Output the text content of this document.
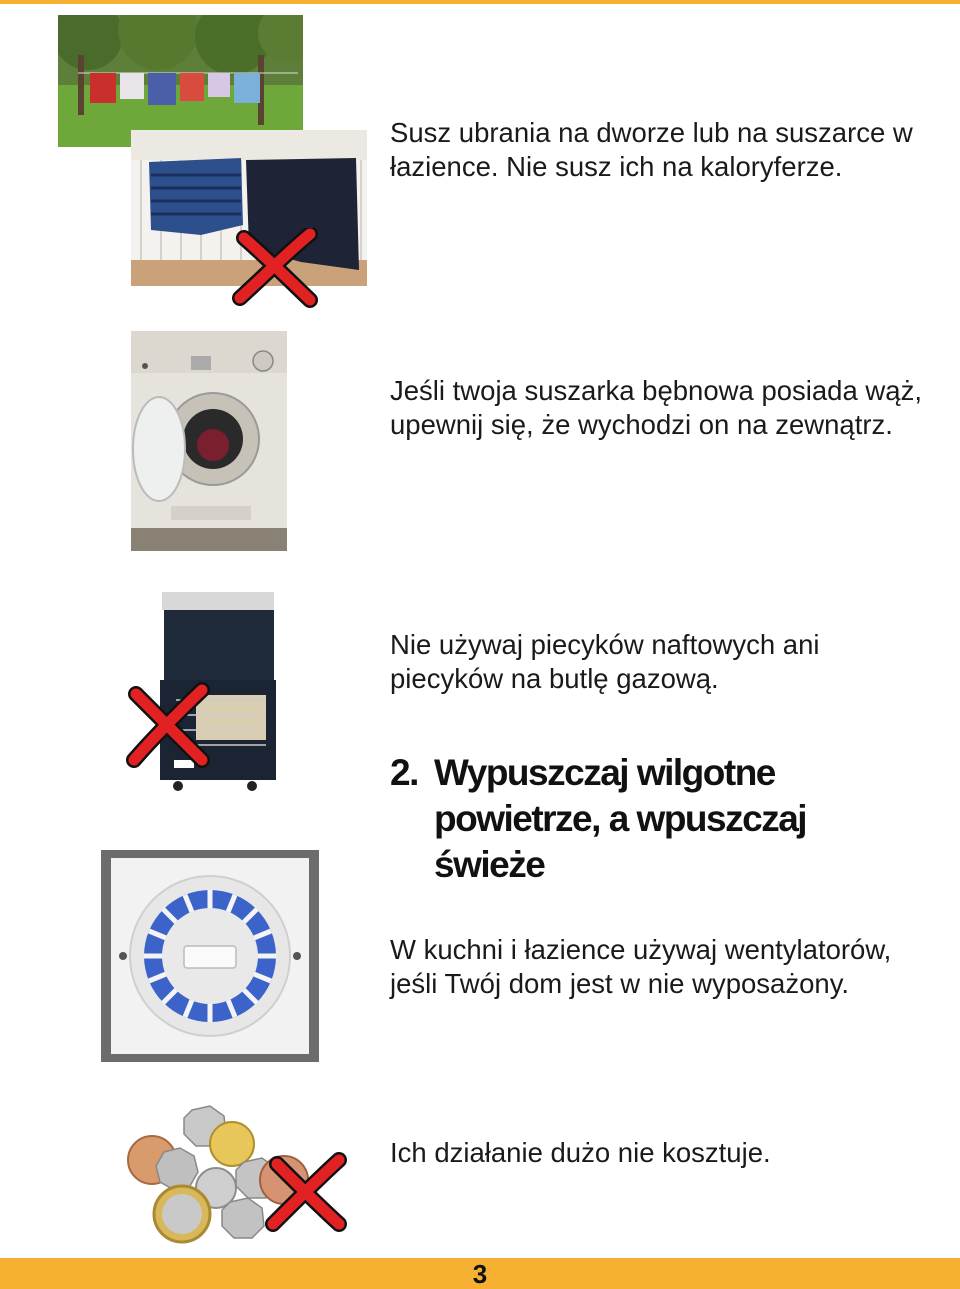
Susz ubrania na dworze lub na suszarce w łazience. Nie susz ich na kaloryferze.
Jeśli twoja suszarka bębnowa posiada wąż, upewnij się, że wychodzi on na zewnątrz.
Nie używaj piecyków naftowych ani piecyków na butlę gazową.
2. Wypuszczaj wilgotne powietrze, a wpuszczaj świeże
W kuchni i łazience używaj wentylatorów, jeśli Twój dom jest w nie wyposażony.
Ich działanie dużo nie kosztuje.
3
